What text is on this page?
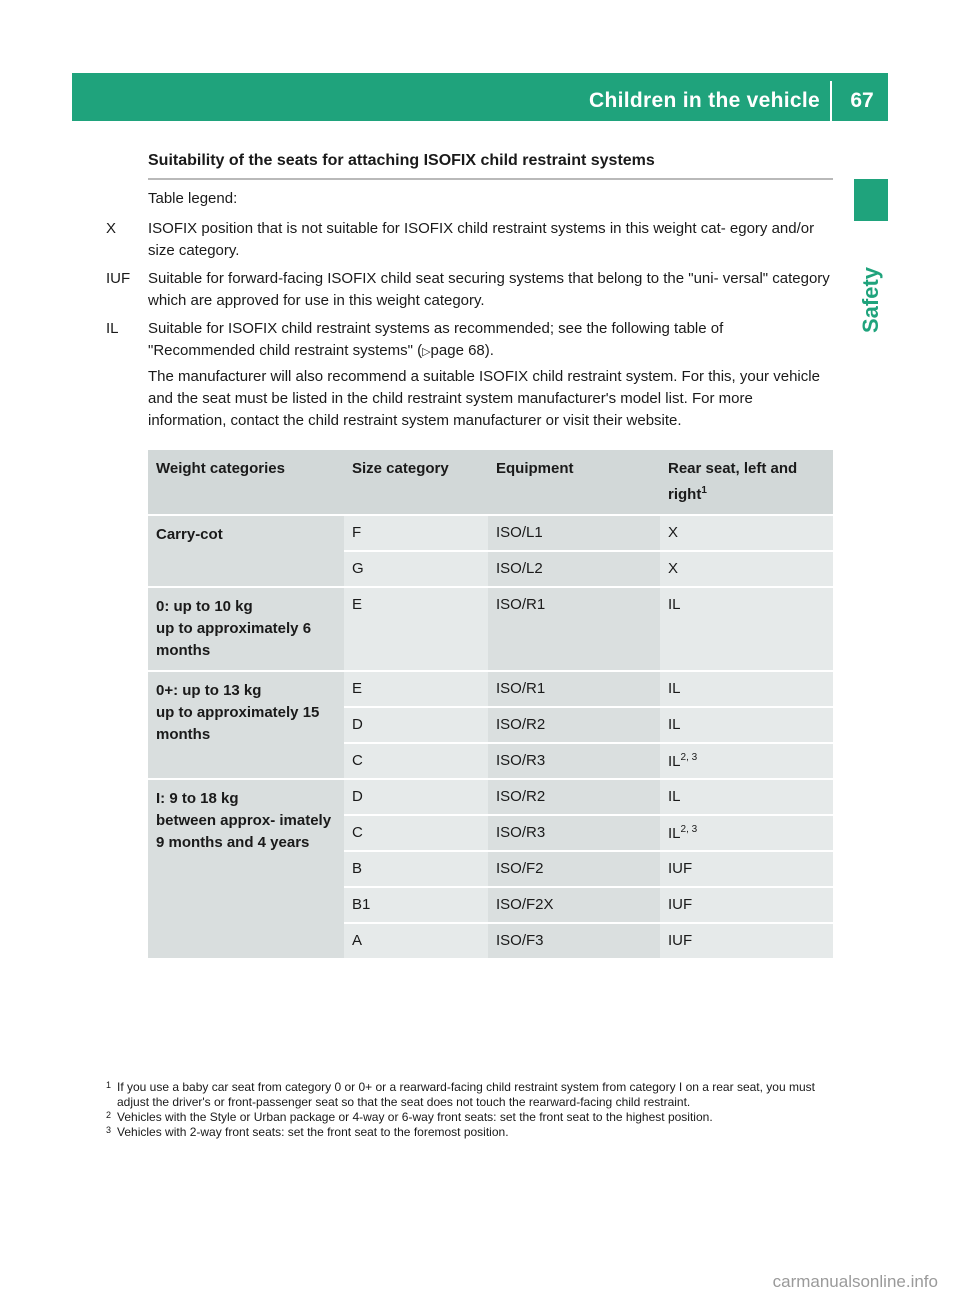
Children in the vehicle	67
Safety
Suitability of the seats for attaching ISOFIX child restraint systems
Table legend:
X	ISOFIX position that is not suitable for ISOFIX child restraint systems in this weight cat- egory and/or size category.

IUF	Suitable for forward-facing ISOFIX child seat securing systems that belong to the "uni- versal" category which are approved for use in this weight category.

IL	Suitable for ISOFIX child restraint systems as recommended; see the following table of "Recommended child restraint systems" (▷page 68).

The manufacturer will also recommend a suitable ISOFIX child restraint system. For this, your vehicle and the seat must be listed in the child restraint system manufacturer's model list. For more information, contact the child restraint system manufacturer or visit their website.

Weight categories	Size category	Equipment	Rear seat, left and right$^1$

Carry-cot	F	ISO/L1	X
	G	ISO/L2	X

0: up to 10 kg
up to approximately 6 months	E	ISO/R1	IL

0+: up to 13 kg
up to approximately 15 months	E	ISO/R1	IL
	D	ISO/R2	IL
	C	ISO/R3	IL$^{2, 3}$

I: 9 to 18 kg
between approx- imately 9 months and 4 years	D	ISO/R2	IL
	C	ISO/R3	IL$^{2, 3}$
	B	ISO/F2	IUF
	B1	ISO/F2X	IUF
	A	ISO/F3	IUF
1 If you use a baby car seat from category 0 or 0+ or a rearward-facing child restraint system from category I on a rear seat, you must adjust the driver's or front-passenger seat so that the seat does not touch the rearward-facing child restraint.
2 Vehicles with the Style or Urban package or 4-way or 6-way front seats: set the front seat to the highest position.
3 Vehicles with 2-way front seats: set the front seat to the foremost position.
carmanualsonline.info
